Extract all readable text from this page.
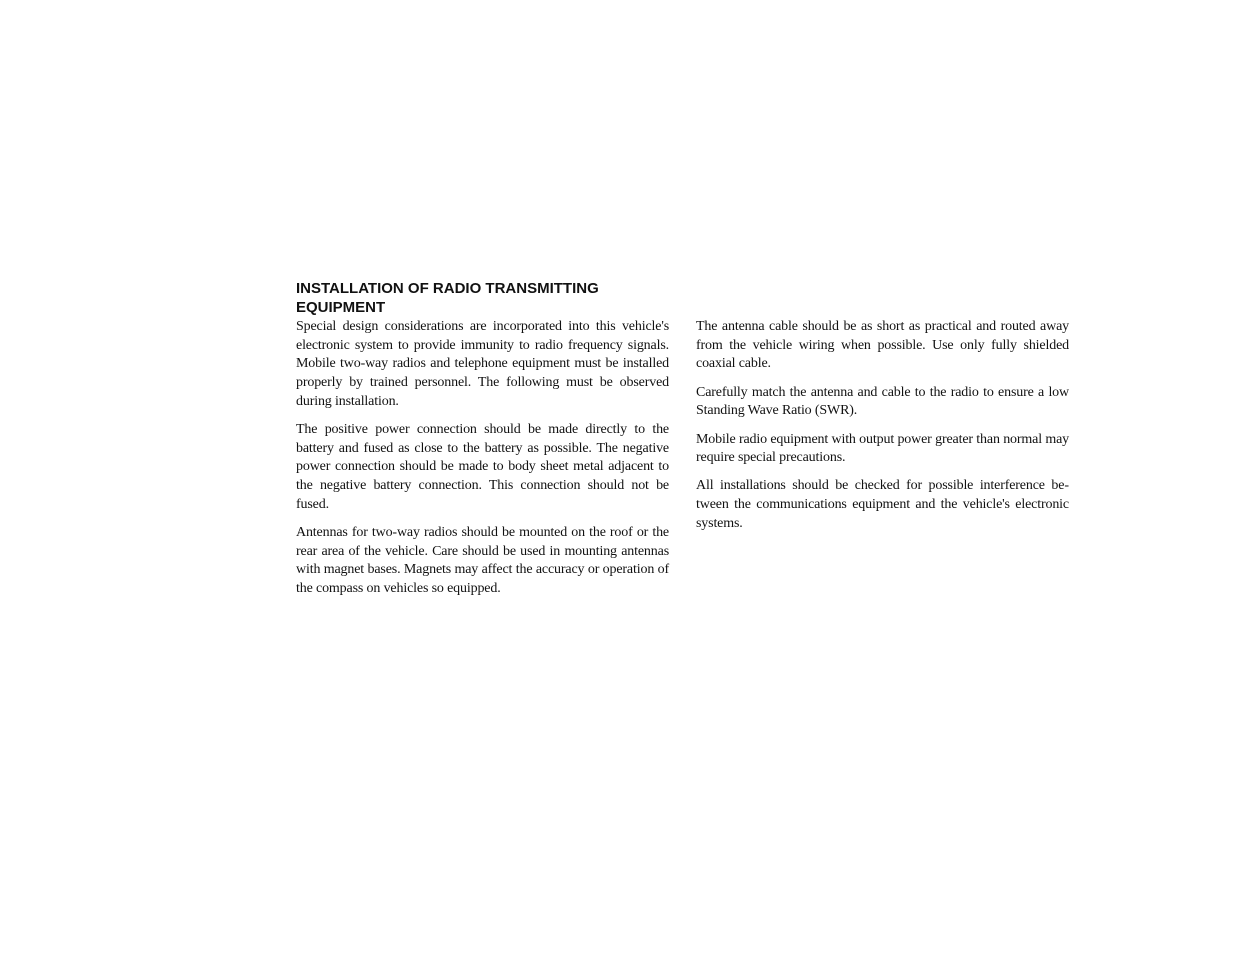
INSTALLATION OF RADIO TRANSMITTING
EQUIPMENT

Special design considerations are incorporated into this vehicle's electronic system to provide immunity to radio frequency signals. Mobile two-way radios and telephone equipment must be installed properly by trained personnel. The following must be observed during installation.

The positive power connection should be made directly to the battery and fused as close to the battery as possible. The negative power connection should be made to body sheet metal adjacent to the negative battery connection. This connection should not be fused.

Antennas for two-way radios should be mounted on the roof or the rear area of the vehicle. Care should be used in mounting antennas with magnet bases. Magnets may affect the accuracy or operation of the compass on vehicles so equipped.

The antenna cable should be as short as practical and routed away from the vehicle wiring when possible. Use only fully shielded coaxial cable.

Carefully match the antenna and cable to the radio to ensure a low Standing Wave Ratio (SWR).

Mobile radio equipment with output power greater than normal may require special precautions.

All installations should be checked for possible interference between the communications equipment and the vehicle's electronic systems.
